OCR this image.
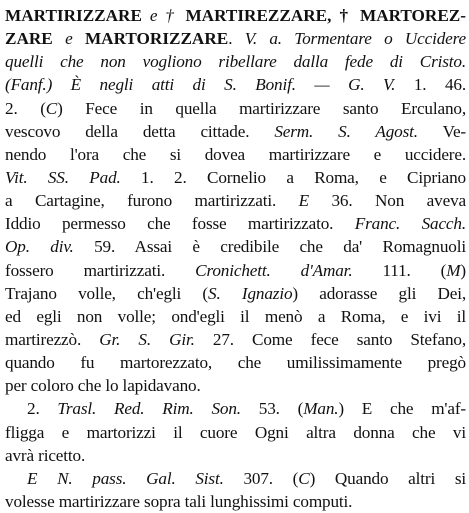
MARTIRIZZARE e † MARTIREZZARE, † MARTOREZ-
ZARE e MARTORIZZARE. V. a. Tormentare o Uccidere
quelli che non vogliono ribellare dalla fede di Cristo.
(Fanf.) È negli atti di S. Bonif. — G. V. 1. 46.
2. (C) Fece in quella martirizzare santo Erculano,
vescovo della detta cittade. Serm. S. Agost. Ve-
nendo l'ora che si dovea martirizzare e uccidere.
Vit. SS. Pad. 1. 2. Cornelio a Roma, e Cipriano
a Cartagine, furono martirizzati. E 36. Non aveva
Iddio permesso che fosse martirizzato. Franc. Sacch.
Op. div. 59. Assai è credibile che da' Romagnuoli
fossero martirizzati. Cronichett. d'Amar. 111. (M)
Trajano volle, ch'egli (S. Ignazio) adorasse gli Dei,
ed egli non volle; ond'egli il menò a Roma, e ivi il
martirezzò. Gr. S. Gir. 27. Come fece santo Stefano,
quando fu martorezzato, che umilissimamente pregò
per coloro che lo lapidavano.
2. Trasl. Red. Rim. Son. 53. (Man.) E che m'af-
fligga e martorizzi il cuore Ogni altra donna che vi
avrà ricetto.
E N. pass. Gal. Sist. 307. (C) Quando altri si
volesse martirizzare sopra tali lunghissimi computi.
